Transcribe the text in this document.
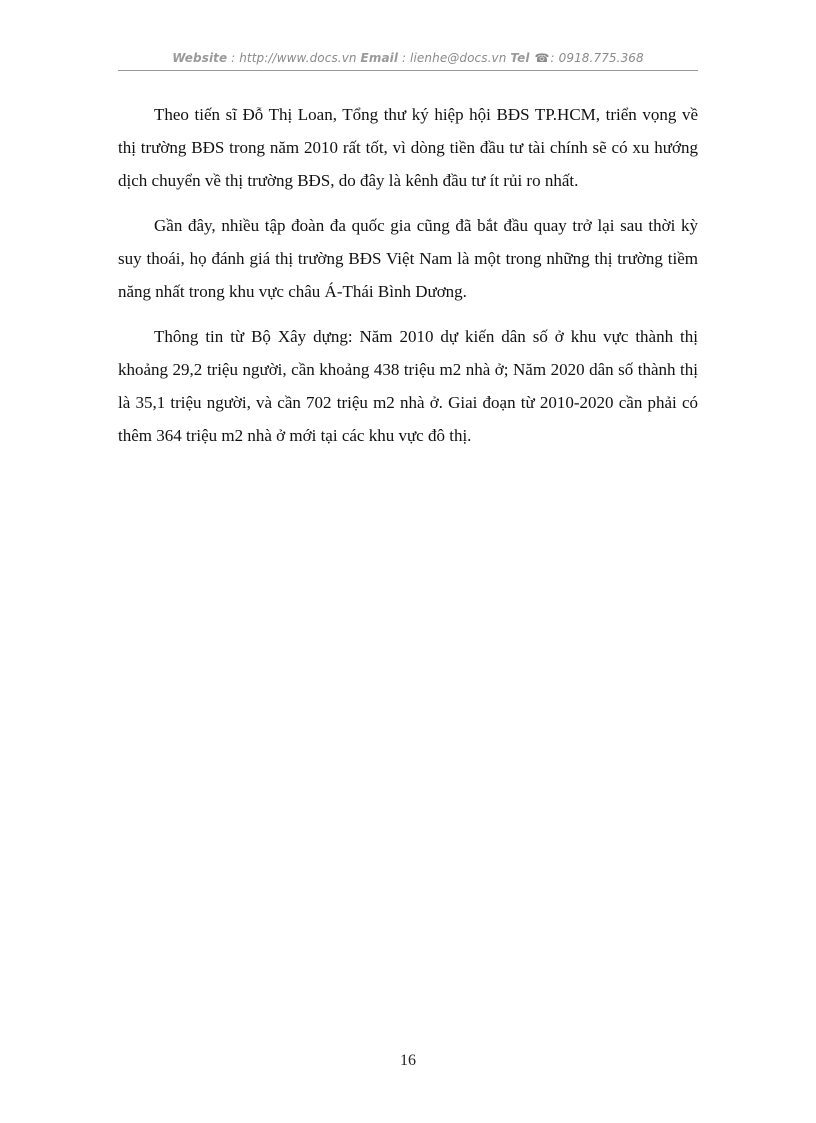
Website : http://www.docs.vn Email : lienhe@docs.vn Tel ☎: 0918.775.368

Theo tiến sĩ Đỗ Thị Loan, Tổng thư ký hiệp hội BĐS TP.HCM, triển vọng về thị trường BĐS trong năm 2010 rất tốt, vì dòng tiền đầu tư tài chính sẽ có xu hướng dịch chuyển về thị trường BĐS, do đây là kênh đầu tư ít rủi ro nhất.

Gần đây, nhiều tập đoàn đa quốc gia cũng đã bắt đầu quay trở lại sau thời kỳ suy thoái, họ đánh giá thị trường BĐS Việt Nam là một trong những thị trường tiềm năng nhất trong khu vực châu Á-Thái Bình Dương.

Thông tin từ Bộ Xây dựng: Năm 2010 dự kiến dân số ở khu vực thành thị khoảng 29,2 triệu người, cần khoảng 438 triệu m2 nhà ở; Năm 2020 dân số thành thị là 35,1 triệu người, và cần 702 triệu m2 nhà ở. Giai đoạn từ 2010-2020 cần phải có thêm 364 triệu m2 nhà ở mới tại các khu vực đô thị.

16
